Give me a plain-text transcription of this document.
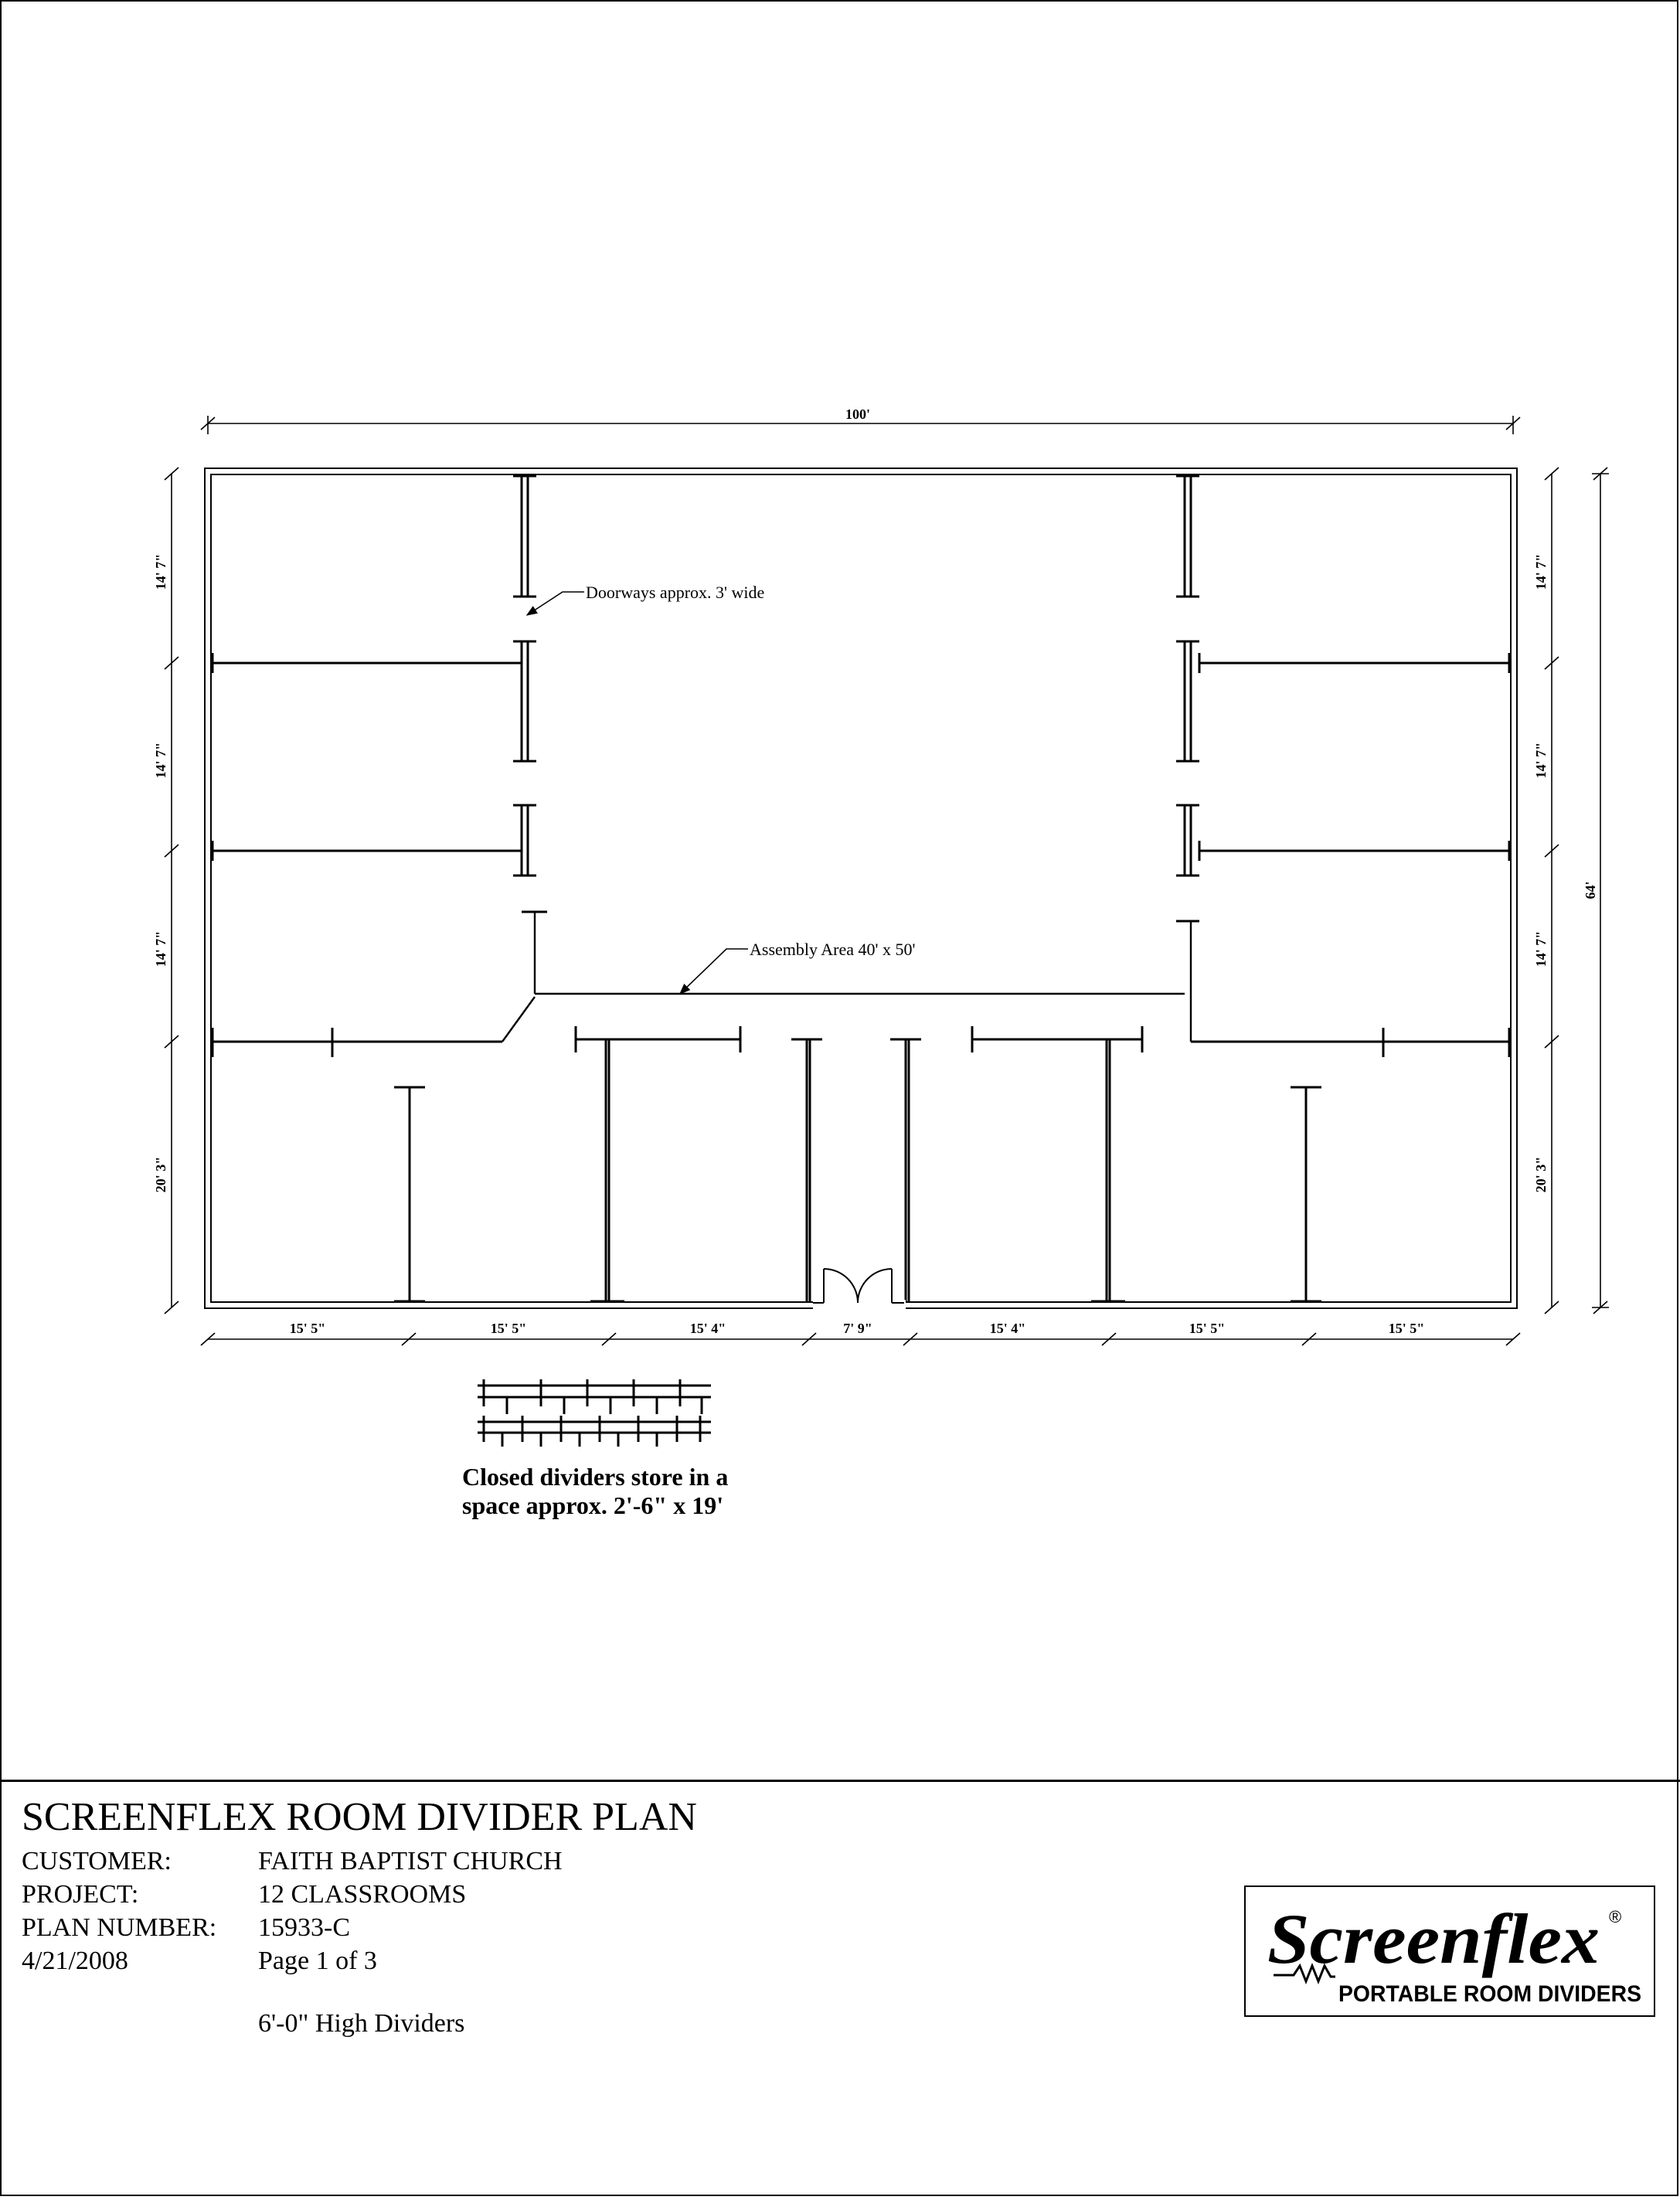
100'
64'
14' 7"
14' 7"
14' 7"
20' 3"
14' 7"
14' 7"
14' 7"
20' 3"
15' 5"	15' 5"	15' 4"	7' 9"	15' 4"	15' 5"	15' 5"
Doorways approx. 3' wide
Assembly Area 40' x 50'
Closed dividers store in a
space approx. 2'-6" x 19'
SCREENFLEX ROOM DIVIDER PLAN
CUSTOMER:	FAITH BAPTIST CHURCH
PROJECT:	12 CLASSROOMS
PLAN NUMBER: 15933-C
4/21/2008	Page 1 of 3
6'-0" High Dividers
Screenflex ®
PORTABLE ROOM DIVIDERS
